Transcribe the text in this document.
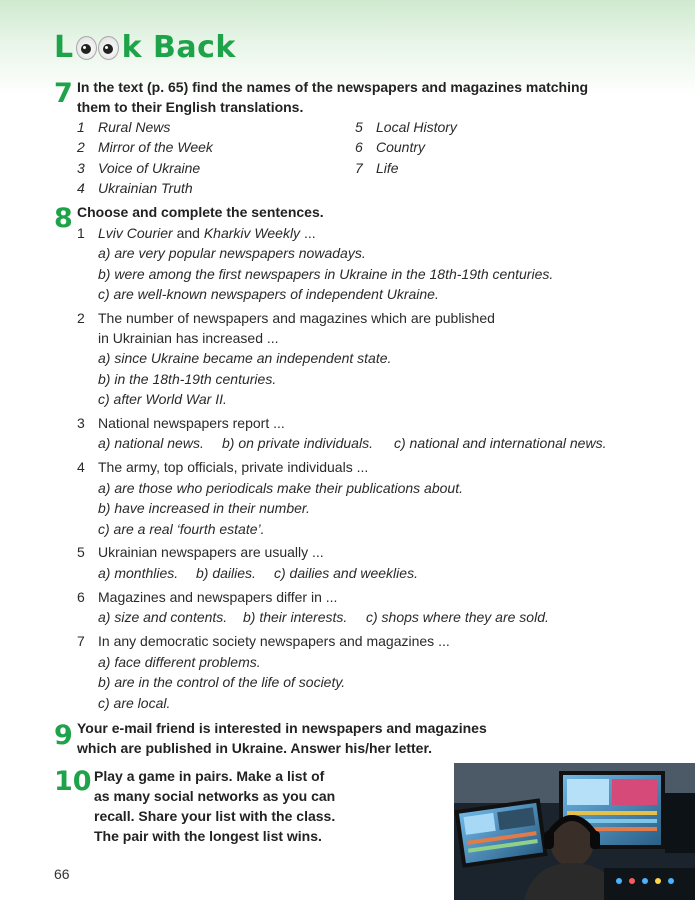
L k Back
7 In the text (p. 65) find the names of the newspapers and magazines matching
them to their English translations.
1 Rural News
2 Mirror of the Week
3 Voice of Ukraine
4 Ukrainian Truth
5 Local History
6 Country
7 Life
8 Choose and complete the sentences.
1 Lviv Courier and Kharkiv Weekly ...
a) are very popular newspapers nowadays.
b) were among the first newspapers in Ukraine in the 18th-19th centuries.
c) are well-known newspapers of independent Ukraine.
2 The number of newspapers and magazines which are published
in Ukrainian has increased ...
a) since Ukraine became an independent state.
b) in the 18th-19th centuries.
c) after World War II.
3 National newspapers report ...
a) national news. b) on private individuals. c) national and international news.
4 The army, top officials, private individuals ...
a) are those who periodicals make their publications about.
b) have increased in their number.
c) are a real ‘fourth estate’.
5 Ukrainian newspapers are usually ...
a) monthlies. b) dailies. c) dailies and weeklies.
6 Magazines and newspapers differ in ...
a) size and contents. b) their interests. c) shops where they are sold.
7 In any democratic society newspapers and magazines ...
a) face different problems.
b) are in the control of the life of society.
c) are local.
9 Your e-mail friend is interested in newspapers and magazines
which are published in Ukraine. Answer his/her letter.
10 Play a game in pairs. Make a list of
as many social networks as you can
recall. Share your list with the class.
The pair with the longest list wins.
66
